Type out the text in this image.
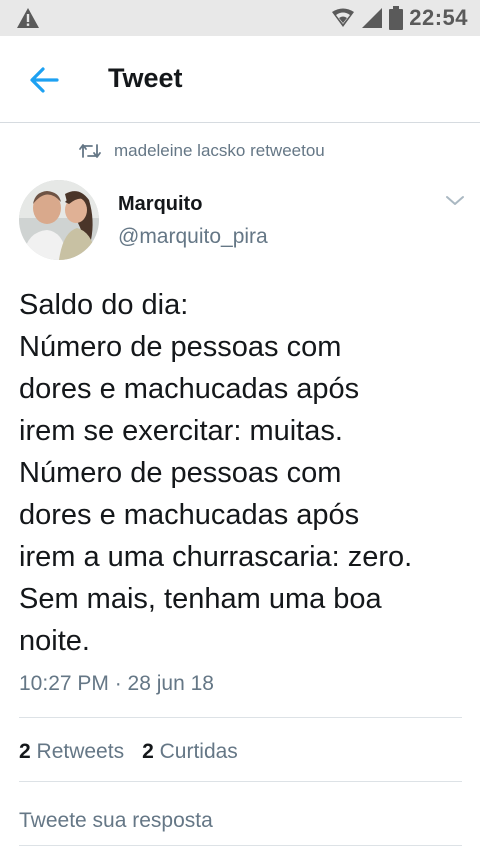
22:54
Tweet
madeleine lacsko retweetou
Marquito
@marquito_pira
Saldo do dia:
Número de pessoas com
dores e machucadas após
irem se exercitar: muitas.
Número de pessoas com
dores e machucadas após
irem a uma churrascaria: zero.
Sem mais, tenham uma boa
noite.
10:27 PM · 28 jun 18
2 Retweets 2 Curtidas
Tweete sua resposta
